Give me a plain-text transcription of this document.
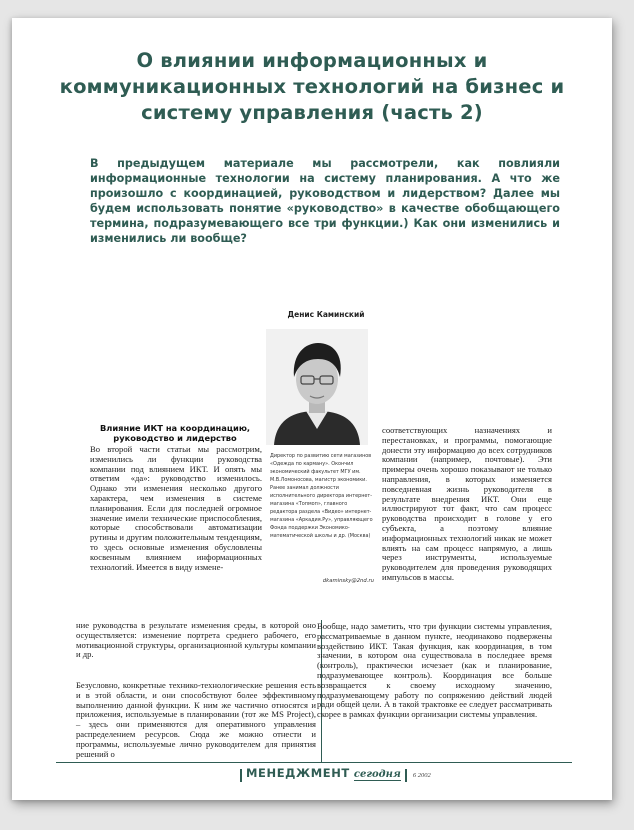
О влиянии информационных и коммуникационных технологий на бизнес и систему управления (часть 2)

В предыдущем материале мы рассмотрели, как повлияли информационные технологии на систему планирования. А что же произошло с координацией, руководством и лидерством? Далее мы будем использовать понятие «руководство» в качестве обобщающего термина, подразумевающего все три функции.) Как они изменились и изменились ли вообще?

Денис Каминский
Директор по развитию сети магазинов «Одежда по карману». Окончил экономический факультет МГУ им. М.В.Ломоносова, магистр экономики. Ранее занимал должности исполнительного директора интернет-магазина «Топмоп», главного редактора раздела «Видео» интернет-магазина «Аркадия.Ру», управляющего Фонда поддержки Экономико-математической школы и др. (Москва)
dkaminsky@2nd.ru
Влияние ИКТ на координацию, руководство и лидерство

Во второй части статьи мы рассмотрим, изменились ли функции руководства компании под влиянием ИКТ. И опять мы ответим «да»: руководство изменилось. Однако эти изменения несколько другого характера, чем изменения в системе планирования. Если для последней огромное значение имели технические приспособления, которые способствовали автоматизации рутины и другим положительным тенденциям, то здесь основные изменения обусловлены косвенным влиянием информационных технологий. Имеется в виду измене-

ние руководства в результате изменения среды, в которой оно осуществляется: изменение портрета среднего рабочего, его мотивационной структуры, организационной культуры компании и др.

Безусловно, конкретные технико-технологические решения есть и в этой области, и они способствуют более эффективному выполнению данной функции. К ним же частично относятся и приложения, используемые в планировании (тот же MS Project), – здесь они применяются для оперативного управления распределением ресурсов. Сюда же можно отнести и программы, используемые лично руководителем для принятия решений о

соответствующих назначениях и перестановках, и программы, помогающие донести эту информацию до всех сотрудников компании (например, почтовые). Эти примеры очень хорошо показывают не только направления, в которых изменяется повседневная жизнь руководителя в результате внедрения ИКТ. Они еще иллюстрируют тот факт, что сам процесс руководства происходит в голове у его субъекта, а поэтому влияние информационных технологий никак не может влиять на сам процесс напрямую, а лишь через инструменты, используемые руководителем для проведения руководящих импульсов в массы.

Вообще, надо заметить, что три функции системы управления, рассматриваемые в данном пункте, неодинаково подвержены воздействию ИКТ. Такая функция, как координация, в том значении, в котором она существовала в последнее время (контроль), практически исчезает (как и планирование, подразумевающее контроль). Координация все больше возвращается к своему исходному значению, подразумевающему работу по сопряжению действий людей ради общей цели. А в такой трактовке ее следует рассматривать скорее в рамках функции организации системы управления.

МЕНЕДЖМЕНТ сегодня 6 2002
